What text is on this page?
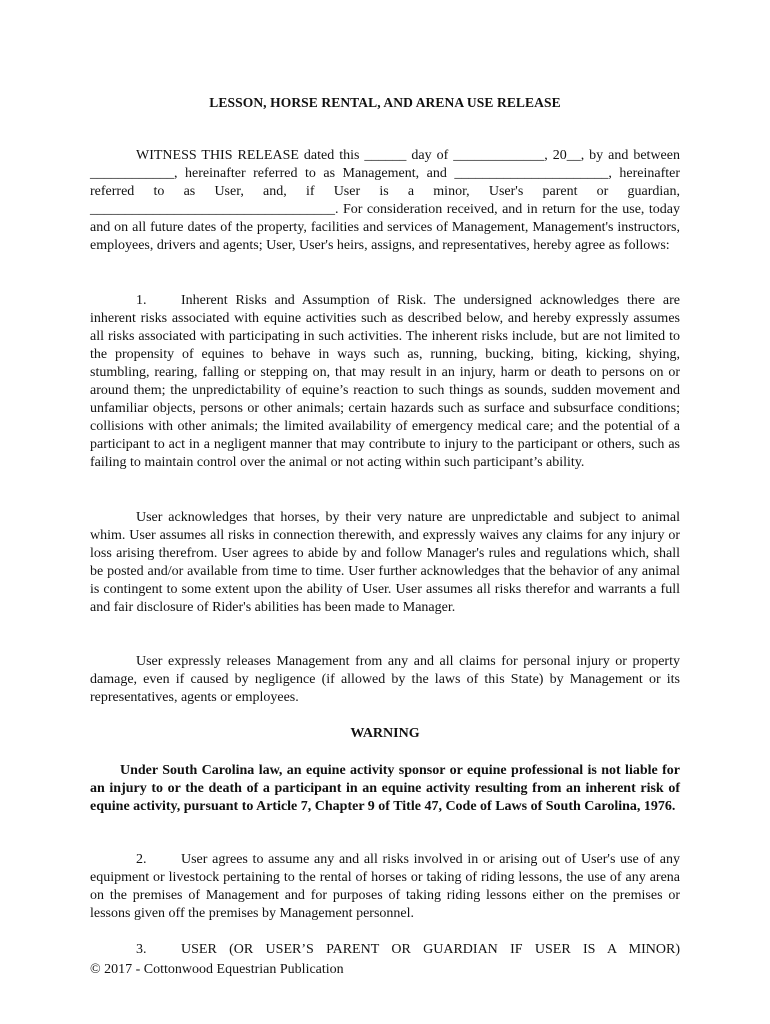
LESSON, HORSE RENTAL, AND ARENA USE RELEASE

WITNESS THIS RELEASE dated this ______ day of _____________, 20__, by and between ____________, hereinafter referred to as Management, and ______________________, hereinafter referred to as User, and, if User is a minor, User's parent or guardian, ___________________________________. For consideration received, and in return for the use, today and on all future dates of the property, facilities and services of Management, Management's instructors, employees, drivers and agents; User, User's heirs, assigns, and representatives, hereby agree as follows:

1. Inherent Risks and Assumption of Risk. The undersigned acknowledges there are inherent risks associated with equine activities such as described below, and hereby expressly assumes all risks associated with participating in such activities. The inherent risks include, but are not limited to the propensity of equines to behave in ways such as, running, bucking, biting, kicking, shying, stumbling, rearing, falling or stepping on, that may result in an injury, harm or death to persons on or around them; the unpredictability of equine’s reaction to such things as sounds, sudden movement and unfamiliar objects, persons or other animals; certain hazards such as surface and subsurface conditions; collisions with other animals; the limited availability of emergency medical care; and the potential of a participant to act in a negligent manner that may contribute to injury to the participant or others, such as failing to maintain control over the animal or not acting within such participant’s ability.

User acknowledges that horses, by their very nature are unpredictable and subject to animal whim. User assumes all risks in connection therewith, and expressly waives any claims for any injury or loss arising therefrom. User agrees to abide by and follow Manager's rules and regulations which, shall be posted and/or available from time to time. User further acknowledges that the behavior of any animal is contingent to some extent upon the ability of User. User assumes all risks therefor and warrants a full and fair disclosure of Rider's abilities has been made to Manager.

User expressly releases Management from any and all claims for personal injury or property damage, even if caused by negligence (if allowed by the laws of this State) by Management or its representatives, agents or employees.

WARNING

Under South Carolina law, an equine activity sponsor or equine professional is not liable for an injury to or the death of a participant in an equine activity resulting from an inherent risk of equine activity, pursuant to Article 7, Chapter 9 of Title 47, Code of Laws of South Carolina, 1976.

2. User agrees to assume any and all risks involved in or arising out of User's use of any equipment or livestock pertaining to the rental of horses or taking of riding lessons, the use of any arena on the premises of Management and for purposes of taking riding lessons either on the premises or lessons given off the premises by Management personnel.

3. USER (OR USER’S PARENT OR GUARDIAN IF USER IS A MINOR)

© 2017 - Cottonwood Equestrian Publication
